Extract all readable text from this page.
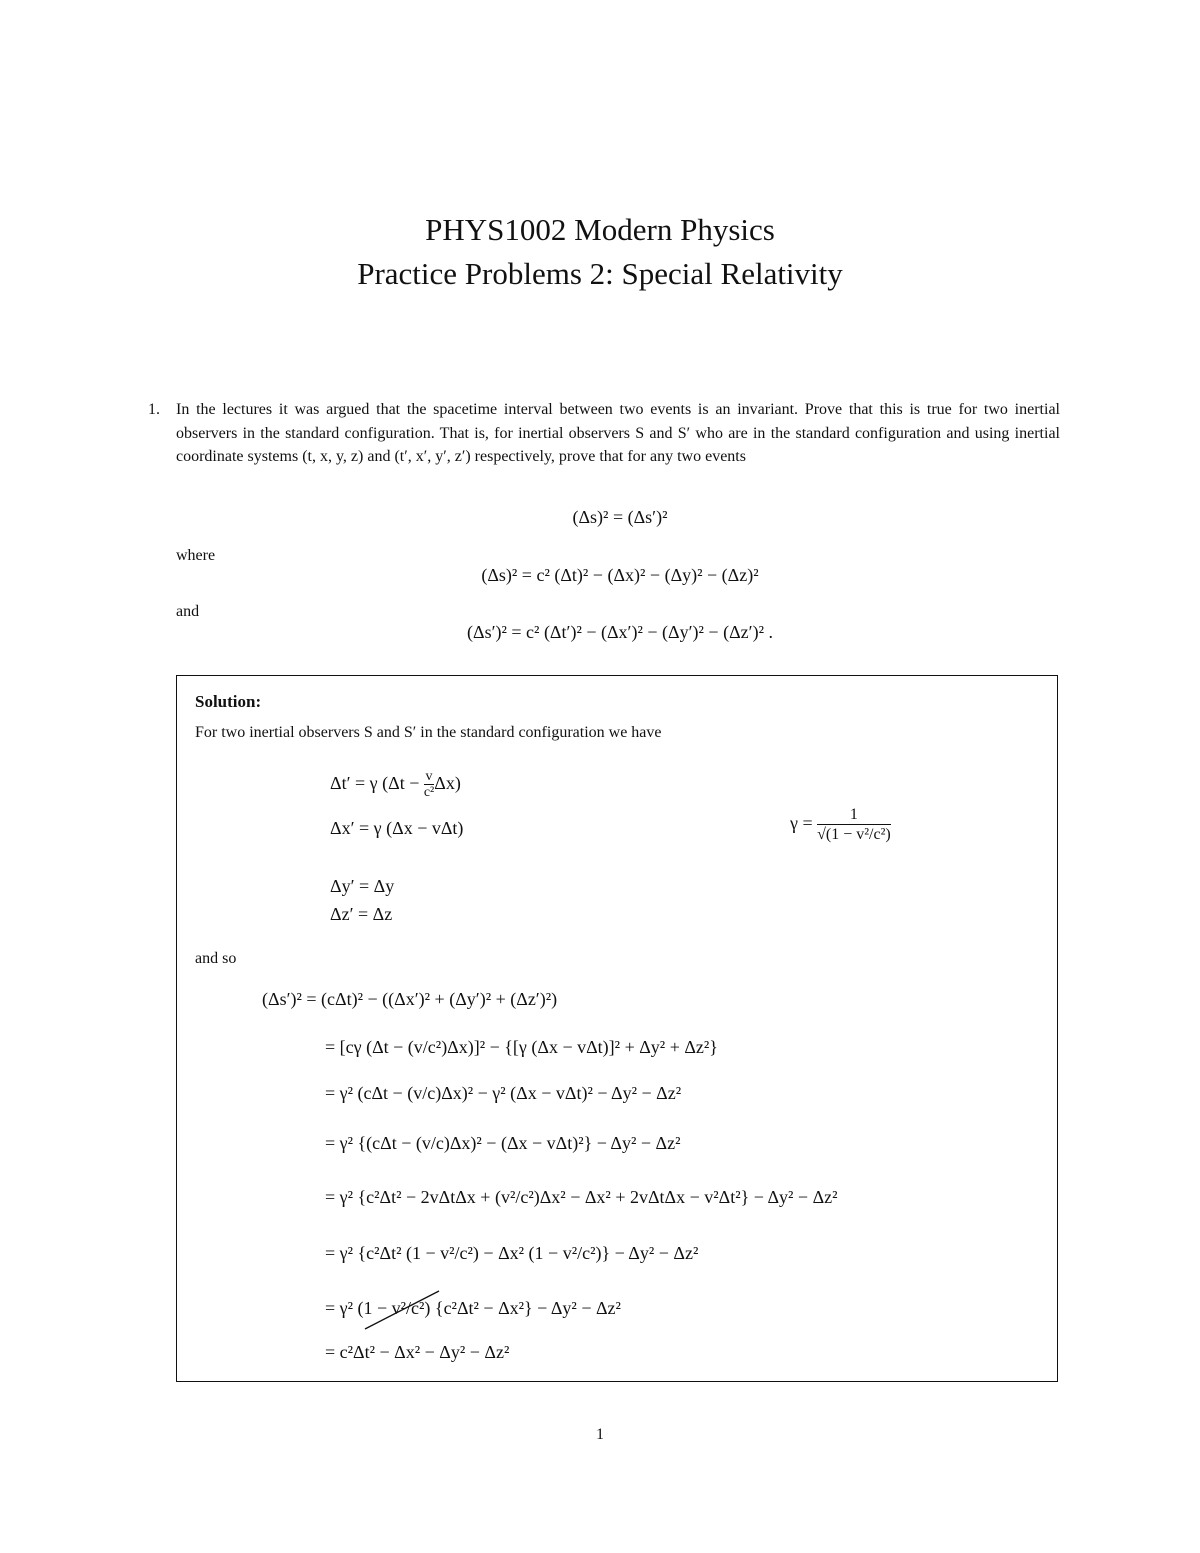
PHYS1002 Modern Physics
Practice Problems 2: Special Relativity
1. In the lectures it was argued that the spacetime interval between two events is an invariant. Prove that this is true for two inertial observers in the standard configuration. That is, for inertial observers S and S′ who are in the standard configuration and using inertial coordinate systems (t, x, y, z) and (t′, x′, y′, z′) respectively, prove that for any two events
(Δs)² = (Δs′)²
where
(Δs)² = c² (Δt)² − (Δx)² − (Δy)² − (Δz)²
and
(Δs′)² = c² (Δt′)² − (Δx′)² − (Δy′)² − (Δz′)² .
Solution:
For two inertial observers S and S′ in the standard configuration we have
Δt′ = γ $(\Delta t - \frac{v}{\text{c²}} \Delta x)$
Δx′ = γ (Δx − vΔt)
Δy′ = Δy
Δz′ = Δz
$\gamma = \frac{1}{\text{√(1 − v²/c²)}}$
and so
(Δs′)² = (cΔt)² − ((Δx′)² + (Δy′)² + (Δz′)²)
= [cγ (Δt − (v/c²)Δx)]² − {[γ (Δx − vΔt)]² + Δy² + Δz²}
= γ² (cΔt − (v/c)Δx)² − γ² (Δx − vΔt)² − Δy² − Δz²
= γ² {(cΔt − (v/c)Δx)² − (Δx − vΔt)²} − Δy² − Δz²
= γ² {c²Δt² − 2vΔtΔx + (v²/c²)Δx² − Δx² + 2vΔtΔx − v²Δt²} − Δy² − Δz²
= γ² {c²Δt² (1 − v²/c²) − Δx² (1 − v²/c²)} − Δy² − Δz²
= γ² (1 − v²/c²) {c²Δt² − Δx²} − Δy² − Δz²
= c²Δt² − Δx² − Δy² − Δz²
1
